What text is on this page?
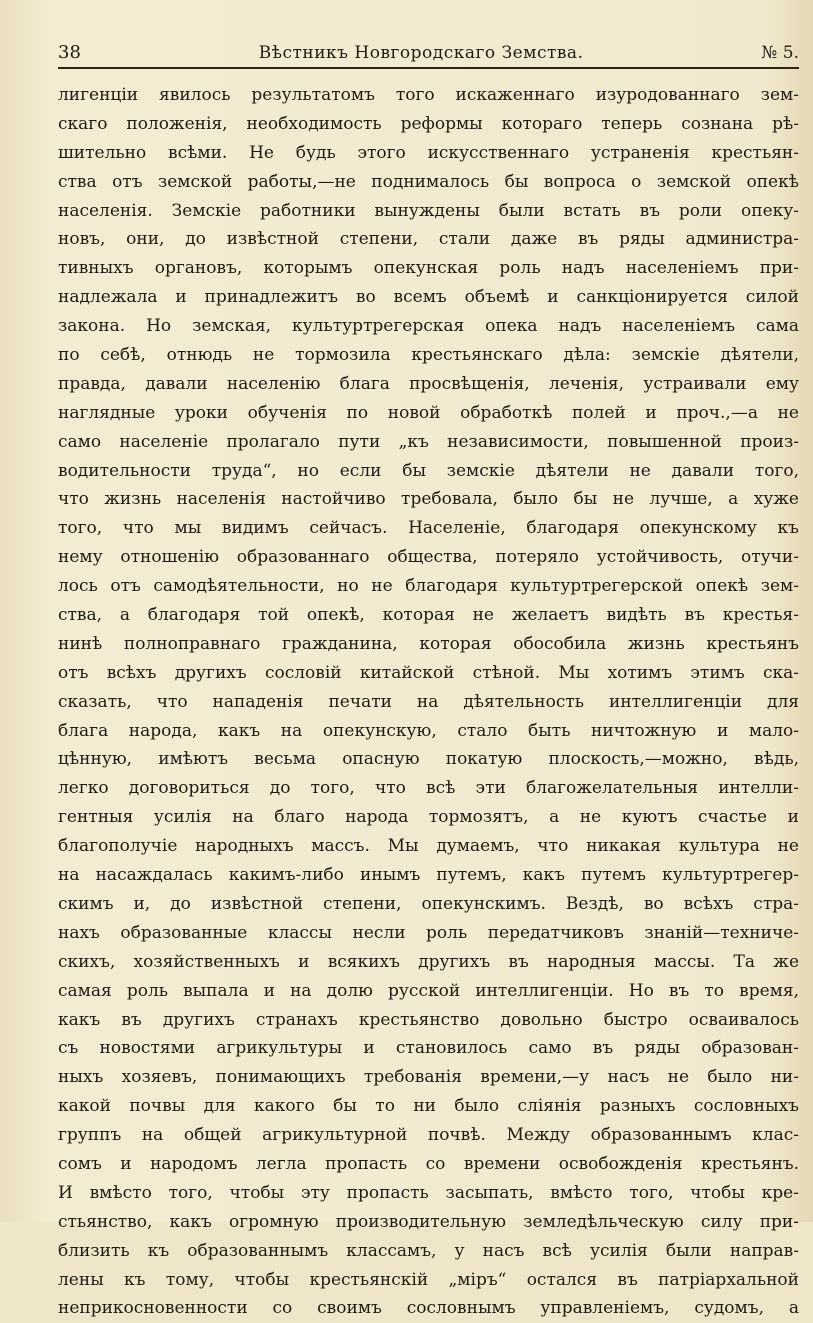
38	Вѣстникъ Новгородскаго Земства.	№ 5.
лигенціи явилось результатомъ того искаженнаго изуродованнаго зем-
скаго положенія, необходимость реформы котораго теперь сознана рѣ-
шительно всѣми. Не будь этого искусственнаго устраненія крестьян-
ства отъ земской работы,—не поднималось бы вопроса о земской опекѣ
населенія. Земскіе работники вынуждены были встать въ роли опеку-
новъ, они, до извѣстной степени, стали даже въ ряды администра-
тивныхъ органовъ, которымъ опекунская роль надъ населеніемъ при-
надлежала и принадлежитъ во всемъ объемѣ и санкціонируется силой
закона. Но земская, культуртрегерская опека надъ населеніемъ сама
по себѣ, отнюдь не тормозила крестьянскаго дѣла: земскіе дѣятели,
правда, давали населенію блага просвѣщенія, леченія, устраивали ему
наглядные уроки обученія по новой обработкѣ полей и проч.,—а не
само населеніе пролагало пути „къ независимости, повышенной произ-
водительности труда“, но если бы земскіе дѣятели не давали того,
что жизнь населенія настойчиво требовала, было бы не лучше, а хуже
того, что мы видимъ сейчасъ. Населеніе, благодаря опекунскому къ
нему отношенію образованнаго общества, потеряло устойчивость, отучи-
лось отъ самодѣятельности, но не благодаря культуртрегерской опекѣ зем-
ства, а благодаря той опекѣ, которая не желаетъ видѣть въ крестья-
нинѣ полноправнаго гражданина, которая обособила жизнь крестьянъ
отъ всѣхъ другихъ сословій китайской стѣной. Мы хотимъ этимъ ска-
сказать, что нападенія печати на дѣятельность интеллигенціи для
блага народа, какъ на опекунскую, стало быть ничтожную и мало-
цѣнную, имѣютъ весьма опасную покатую плоскость,—можно, вѣдь,
легко договориться до того, что всѣ эти благожелательныя интелли-
гентныя усилія на благо народа тормозятъ, а не куютъ счастье и
благополучіе народныхъ массъ. Мы думаемъ, что никакая культура не
на насаждалась какимъ-либо инымъ путемъ, какъ путемъ культуртрегер-
скимъ и, до извѣстной степени, опекунскимъ. Вездѣ, во всѣхъ стра-
нахъ образованные классы несли роль передатчиковъ знаній—техниче-
скихъ, хозяйственныхъ и всякихъ другихъ въ народныя массы. Та же
самая роль выпала и на долю русской интеллигенціи. Но въ то время,
какъ въ другихъ странахъ крестьянство довольно быстро осваивалось
съ новостями агрикультуры и становилось само въ ряды образован-
ныхъ хозяевъ, понимающихъ требованія времени,—у насъ не было ни-
какой почвы для какого бы то ни было слiянія разныхъ сословныхъ
группъ на общей агрикультурной почвѣ. Между образованнымъ клас-
сомъ и народомъ легла пропасть со времени освобожденія крестьянъ.
И вмѣсто того, чтобы эту пропасть засыпать, вмѣсто того, чтобы кре-
стьянство, какъ огромную производительную земледѣльческую силу при-
близить къ образованнымъ классамъ, у насъ всѣ усилія были направ-
лены къ тому, чтобы крестьянскій „міръ“ остался въ патріархальной
неприкосновенности со своимъ сословнымъ управленіемъ, судомъ, а
